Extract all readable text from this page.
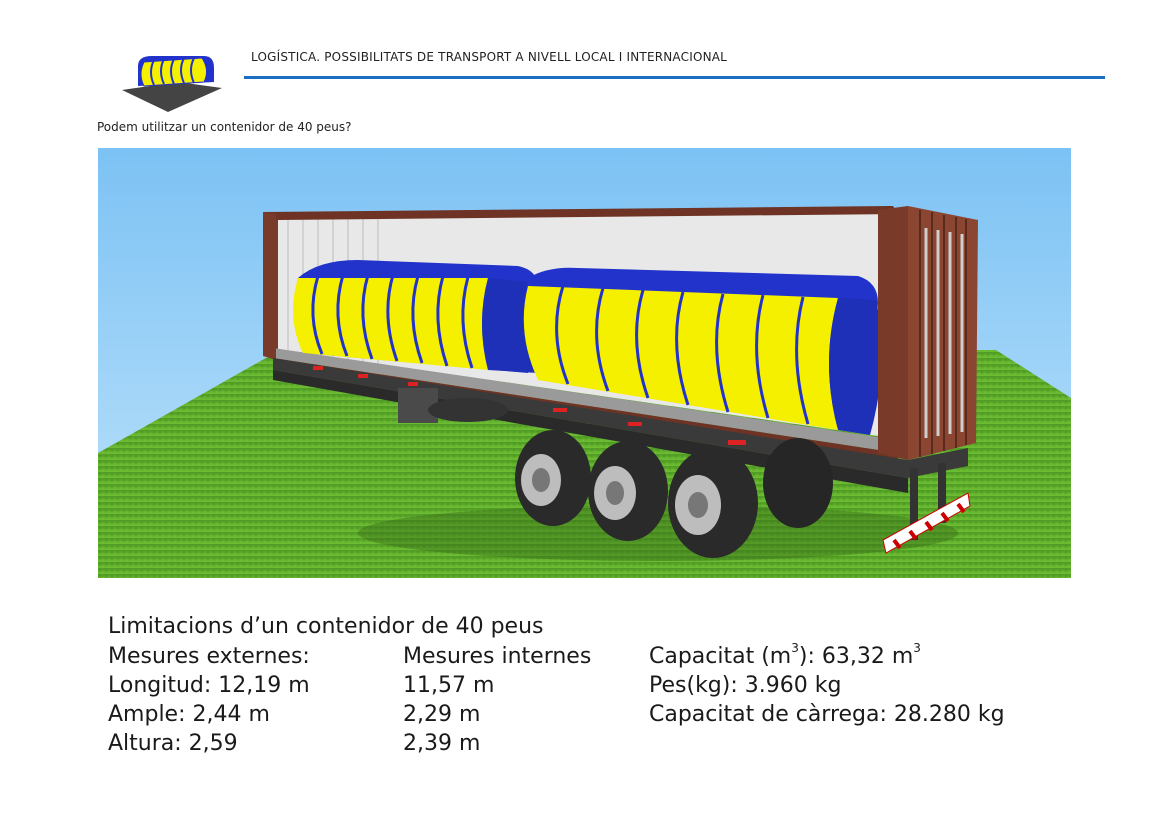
LOGÍSTICA. POSSIBILITATS DE TRANSPORT A NIVELL LOCAL I INTERNACIONAL
Podem utilitzar un contenidor de 40 peus?
Limitacions d’un contenidor de 40 peus
Mesures externes:
Longitud: 12,19 m
Ample: 2,44 m
Altura: 2,59
Mesures internes
11,57 m
2,29 m
2,39 m
Capacitat $(m^3)$: 63,32 $m^3$
Pes(kg): 3.960 kg
Capacitat de càrrega: 28.280 kg
